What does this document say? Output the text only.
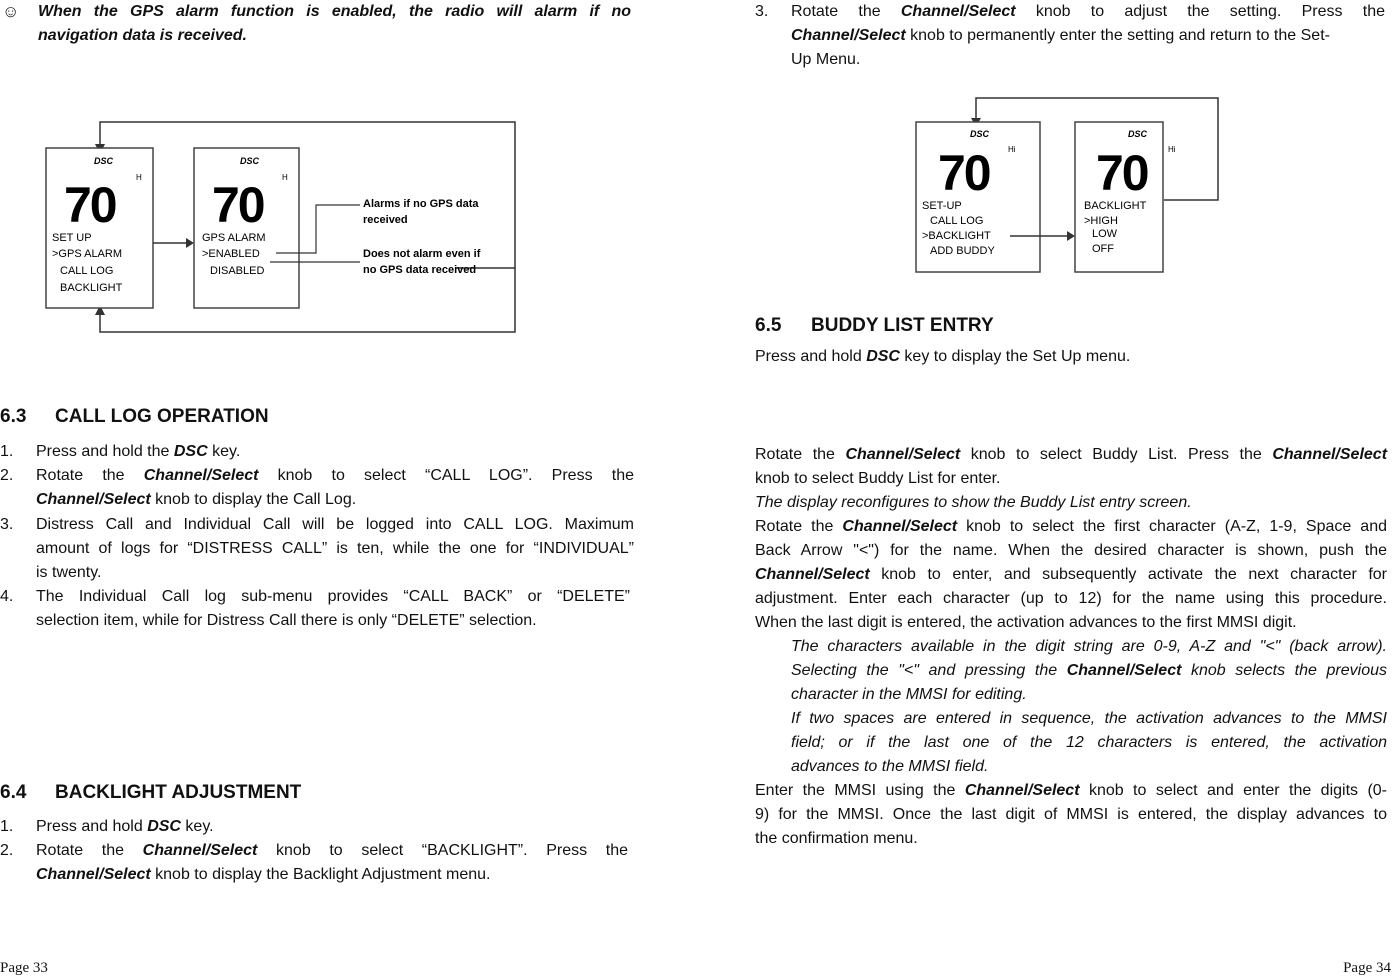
☺ When the GPS alarm function is enabled, the radio will alarm if no
navigation data is received.
DSC
H
70
SET UP
>GPS ALARM
CALL LOG
BACKLIGHT
DSC
H
70
GPS ALARM
>ENABLED
DISABLED
Alarms if no GPS data
received
Does not alarm even if
no GPS data received
6.3 CALL LOG OPERATION
1. Press and hold the DSC key.
2. Rotate the Channel/Select knob to select “CALL LOG”. Press the
Channel/Select knob to display the Call Log.
3. Distress Call and Individual Call will be logged into CALL LOG. Maximum
amount of logs for “DISTRESS CALL” is ten, while the one for “INDIVIDUAL”
is twenty.
4. The Individual Call log sub-menu provides “CALL BACK” or “DELETE”
selection item, while for Distress Call there is only “DELETE” selection.
6.4 BACKLIGHT ADJUSTMENT
1. Press and hold DSC key.
2. Rotate the Channel/Select knob to select “BACKLIGHT”. Press the
Channel/Select knob to display the Backlight Adjustment menu.
Page 33
3. Rotate the Channel/Select knob to adjust the setting. Press the
Channel/Select knob to permanently enter the setting and return to the Set-
Up Menu.
DSC
Hi
70
SET-UP
CALL LOG
>BACKLIGHT
ADD BUDDY
DSC
Hi
70
BACKLIGHT
>HIGH
LOW
OFF
6.5 BUDDY LIST ENTRY
Press and hold DSC key to display the Set Up menu.
Rotate the Channel/Select knob to select Buddy List. Press the Channel/Select
knob to select Buddy List for enter.
The display reconfigures to show the Buddy List entry screen.
Rotate the Channel/Select knob to select the first character (A-Z, 1-9, Space and
Back Arrow "<") for the name. When the desired character is shown, push the
Channel/Select knob to enter, and subsequently activate the next character for
adjustment. Enter each character (up to 12) for the name using this procedure.
When the last digit is entered, the activation advances to the first MMSI digit.
The characters available in the digit string are 0-9, A-Z and "<" (back arrow).
Selecting the "<" and pressing the Channel/Select knob selects the previous
character in the MMSI for editing.
If two spaces are entered in sequence, the activation advances to the MMSI
field; or if the last one of the 12 characters is entered, the activation
advances to the MMSI field.
Enter the MMSI using the Channel/Select knob to select and enter the digits (0-
9) for the MMSI. Once the last digit of MMSI is entered, the display advances to
the confirmation menu.
Page 34
